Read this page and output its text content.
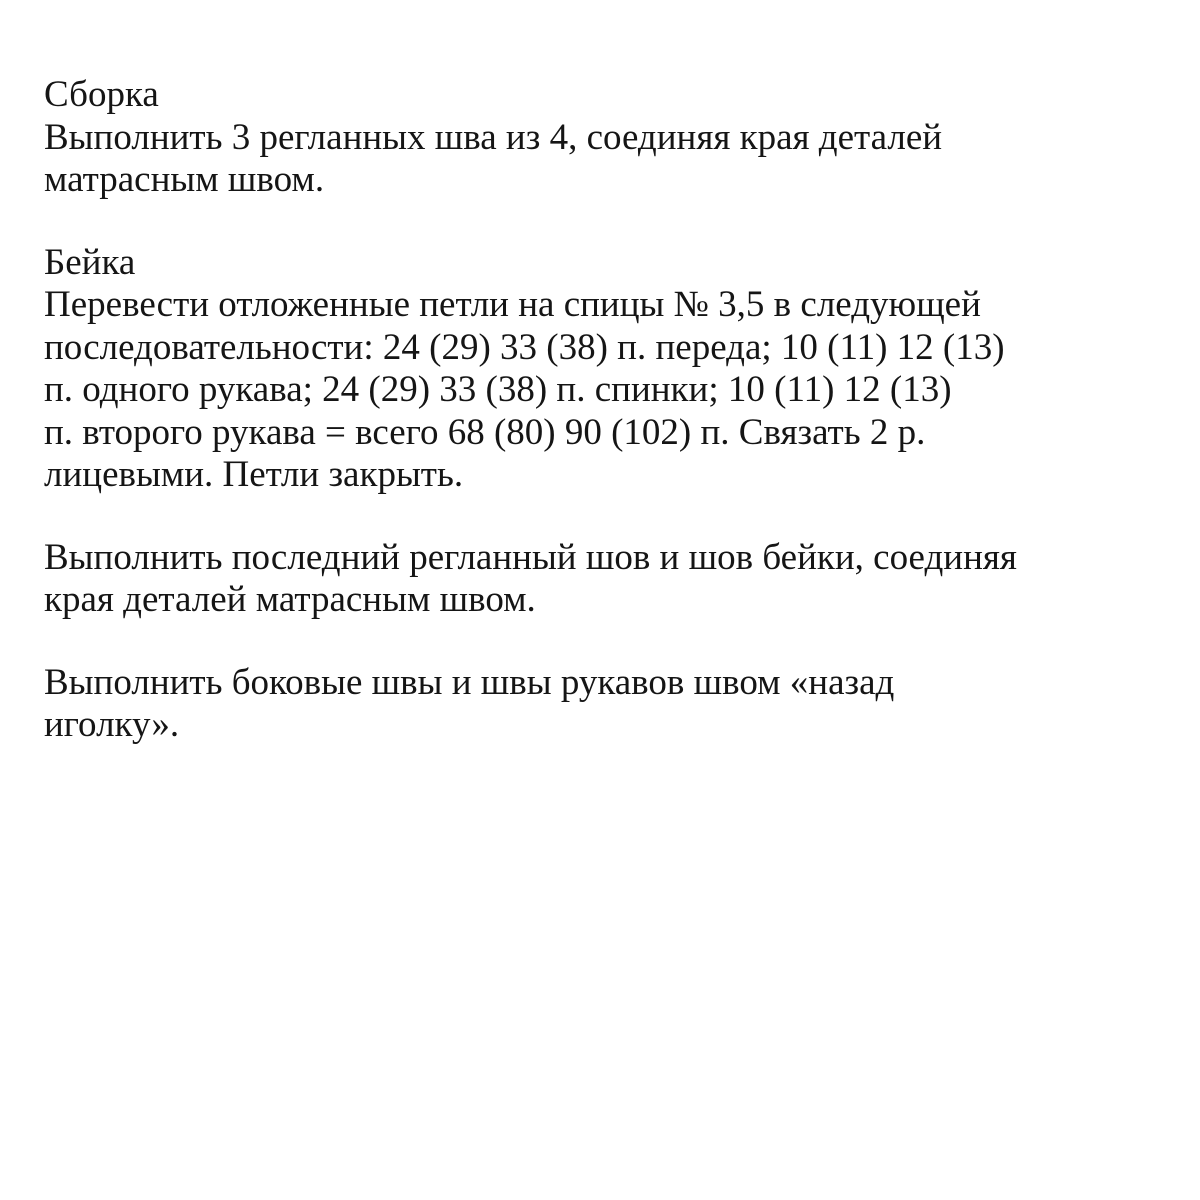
Сборка
Выполнить 3 регланных шва из 4, соединяя края деталей
матрасным швом.
Бейка
Перевести отложенные петли на спицы № 3,5 в следующей
последовательности: 24 (29) 33 (38) п. переда; 10 (11) 12 (13)
п. одного рукава; 24 (29) 33 (38) п. спинки; 10 (11) 12 (13)
п. второго рукава = всего 68 (80) 90 (102) п. Связать 2 р.
лицевыми. Петли закрыть.
Выполнить последний регланный шов и шов бейки, соединяя
края деталей матрасным швом.
Выполнить боковые швы и швы рукавов швом «назад
иголку».
